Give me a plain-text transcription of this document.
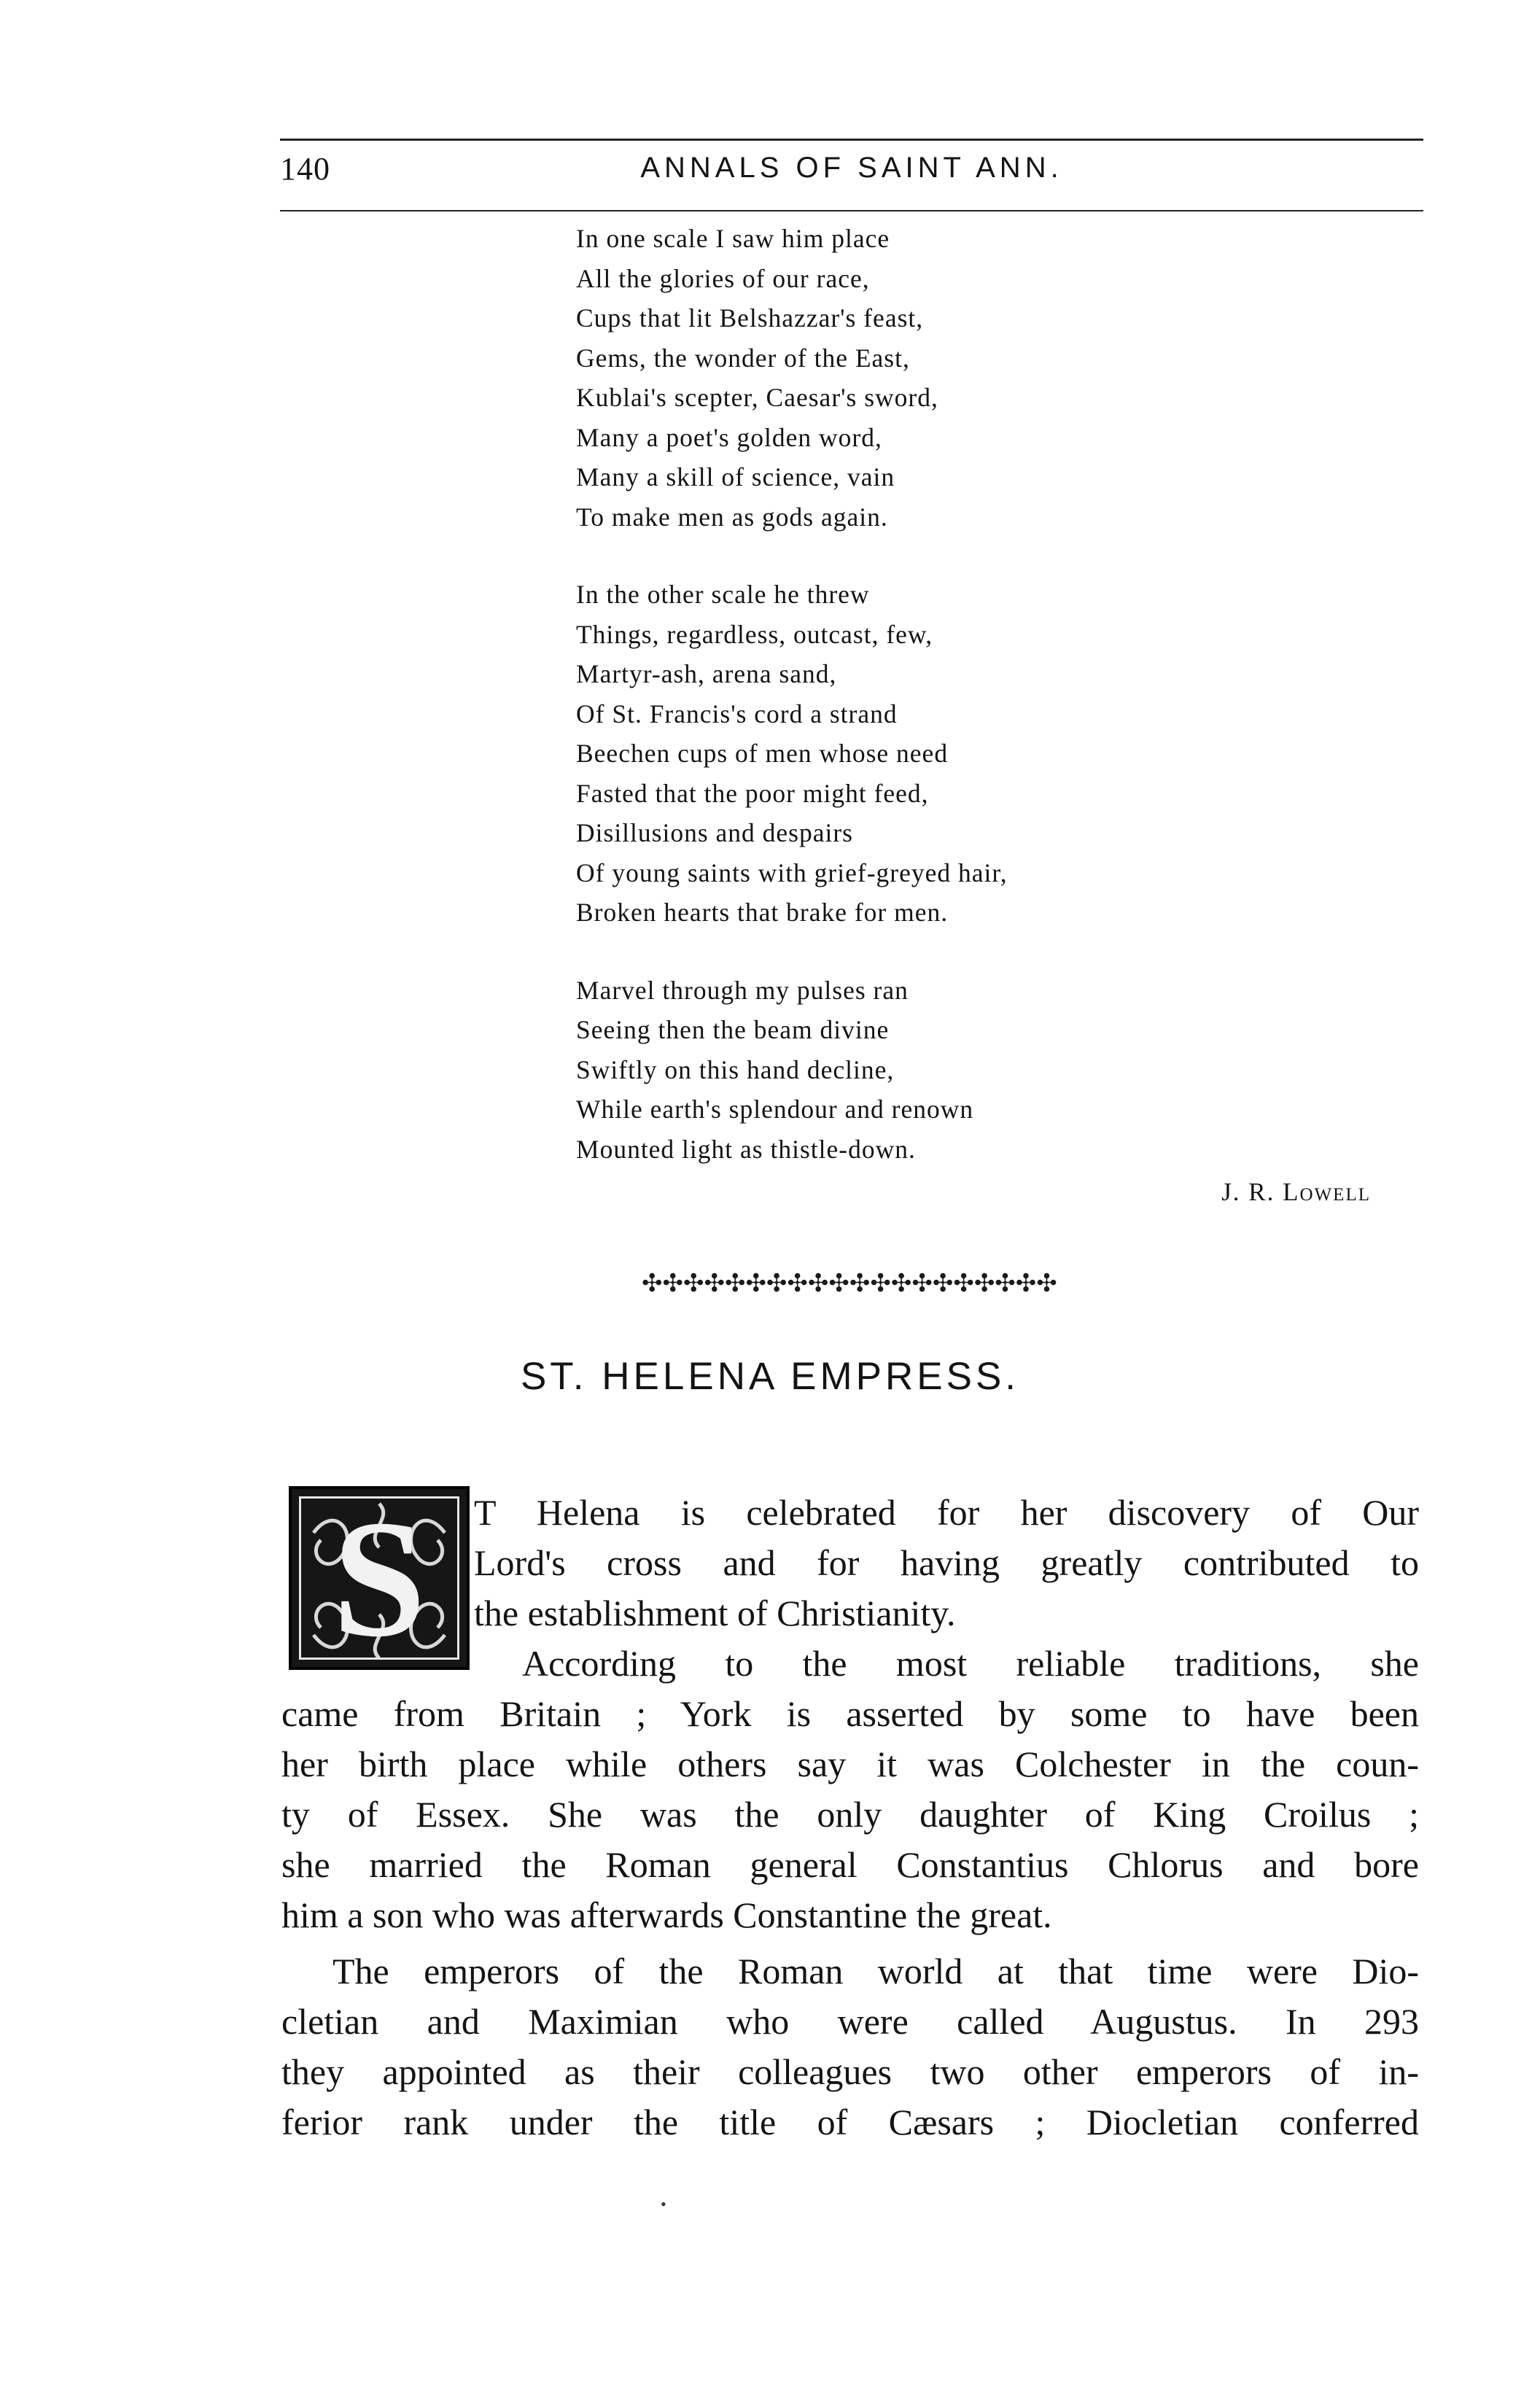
140	ANNALS OF SAINT ANN.
In one scale I saw him place
All the glories of our race,
Cups that lit Belshazzar's feast,
Gems, the wonder of the East,
Kublai's scepter, Caesar's sword,
Many a poet's golden word,
Many a skill of science, vain
To make men as gods again.
In the other scale he threw
Things, regardless, outcast, few,
Martyr-ash, arena sand,
Of St. Francis's cord a strand
Beechen cups of men whose need
Fasted that the poor might feed,
Disillusions and despairs
Of young saints with grief-greyed hair,
Broken hearts that brake for men.
Marvel through my pulses ran
Seeing then the beam divine
Swiftly on this hand decline,
While earth's splendour and renown
Mounted light as thistle-down.
J. R. Lowell
✣✣✣✣✣✣✣✣✣✣✣✣✣✣✣✣✣✣✣✣
ST. HELENA EMPRESS.
S	T Helena is celebrated for her discovery of Our
Lord's cross and for having greatly contributed to
the establishment of Christianity.
According to the most reliable traditions, she
came from Britain ; York is asserted by some to have been
her birth place while others say it was Colchester in the coun-
ty of Essex. She was the only daughter of King Croilus ;
she married the Roman general Constantius Chlorus and bore
him a son who was afterwards Constantine the great.
The emperors of the Roman world at that time were Dio-
cletian and Maximian who were called Augustus. In 293
they appointed as their colleagues two other emperors of in-
ferior rank under the title of Cæsars ; Diocletian conferred
•
